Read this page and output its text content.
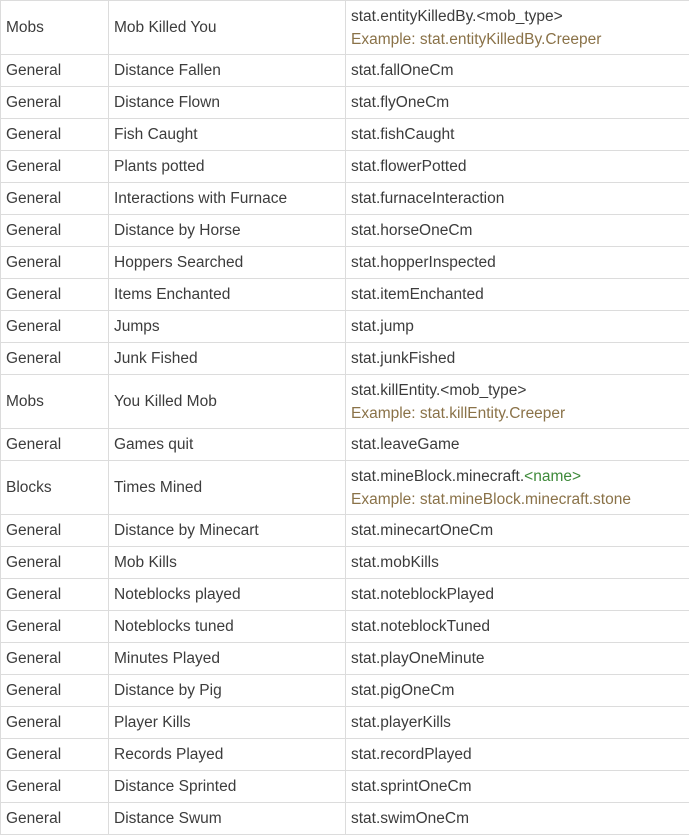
Mobs	Mob Killed You	stat.entityKilledBy.<mob_type>
Example: stat.entityKilledBy.Creeper

General	Distance Fallen	stat.fallOneCm

General	Distance Flown	stat.flyOneCm

General	Fish Caught	stat.fishCaught

General	Plants potted	stat.flowerPotted

General	Interactions with Furnace	stat.furnaceInteraction

General	Distance by Horse	stat.horseOneCm

General	Hoppers Searched	stat.hopperInspected

General	Items Enchanted	stat.itemEnchanted

General	Jumps	stat.jump

General	Junk Fished	stat.junkFished

Mobs	You Killed Mob	stat.killEntity.<mob_type>
Example: stat.killEntity.Creeper

General	Games quit	stat.leaveGame

Blocks	Times Mined	stat.mineBlock.minecraft.<name>
Example: stat.mineBlock.minecraft.stone

General	Distance by Minecart	stat.minecartOneCm

General	Mob Kills	stat.mobKills

General	Noteblocks played	stat.noteblockPlayed

General	Noteblocks tuned	stat.noteblockTuned

General	Minutes Played	stat.playOneMinute

General	Distance by Pig	stat.pigOneCm

General	Player Kills	stat.playerKills

General	Records Played	stat.recordPlayed

General	Distance Sprinted	stat.sprintOneCm

General	Distance Swum	stat.swimOneCm
